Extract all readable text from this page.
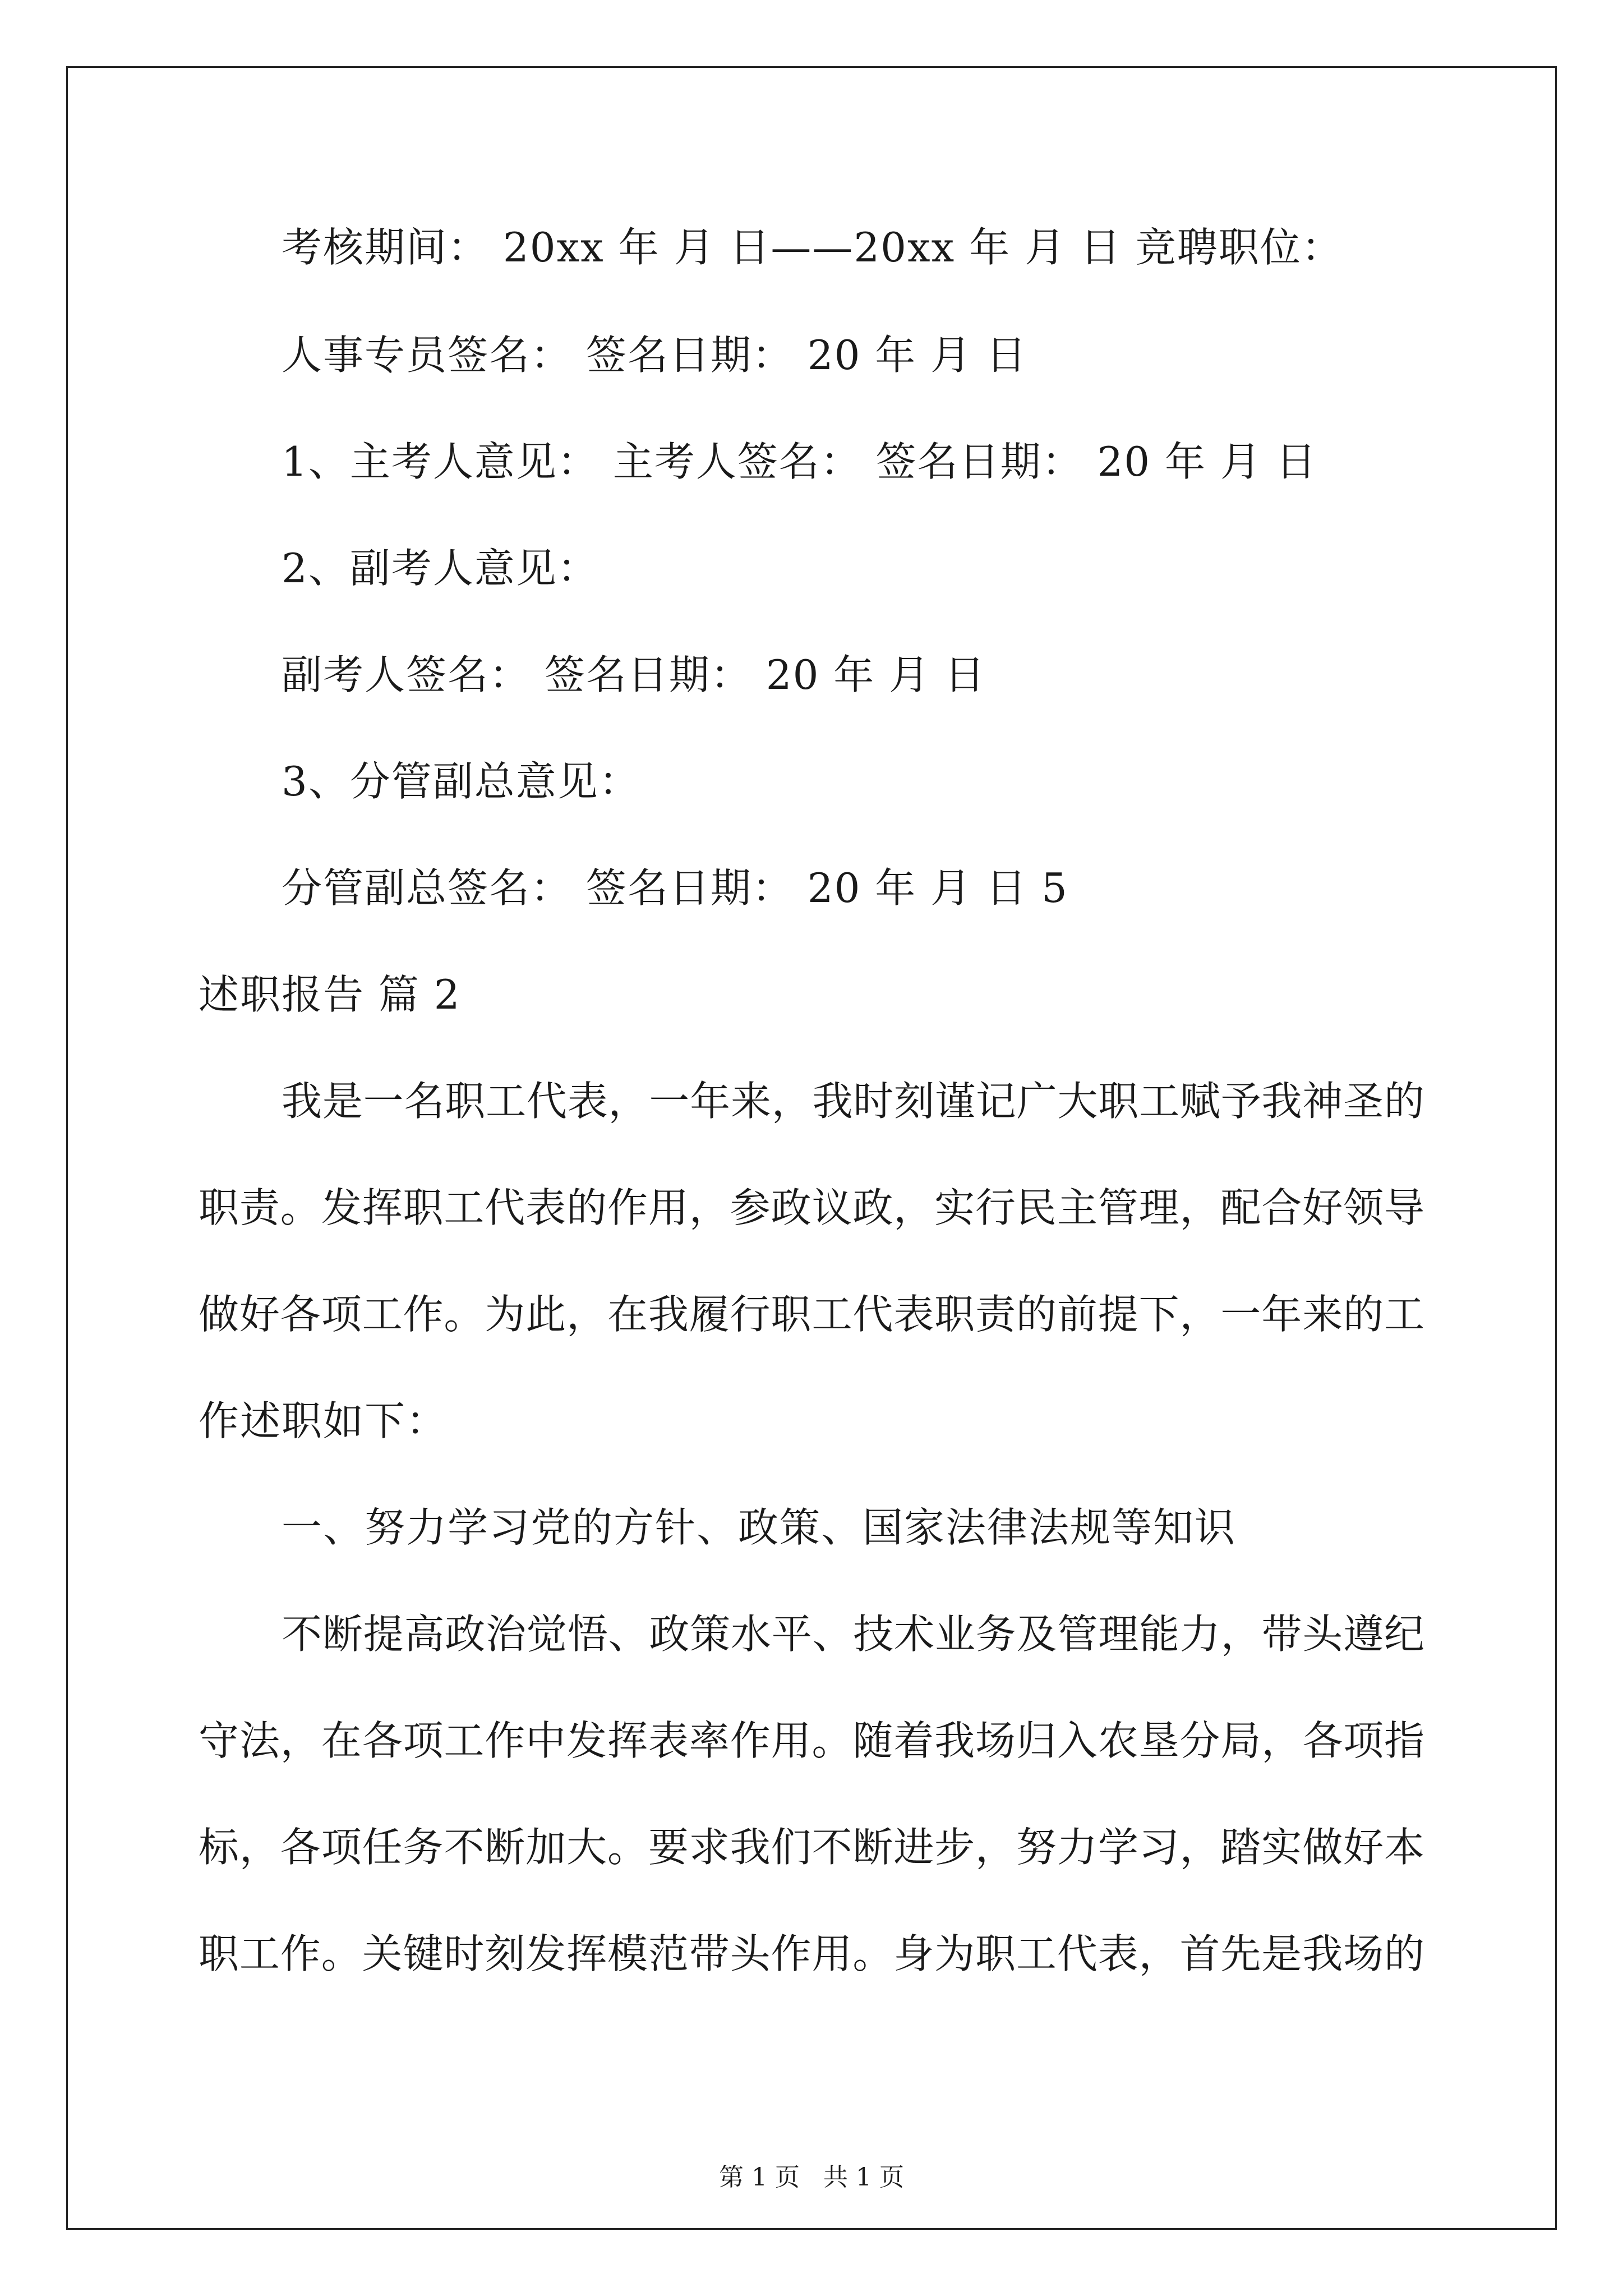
考核期间： 20xx 年 月 日——20xx 年 月 日 竞聘职位：
人事专员签名： 签名日期： 20 年 月 日
1、主考人意见： 主考人签名： 签名日期： 20 年 月 日
2、副考人意见：
副考人签名： 签名日期： 20 年 月 日
3、分管副总意见：
分管副总签名： 签名日期： 20 年 月 日 5
述职报告 篇 2
我是一名职工代表，一年来，我时刻谨记广大职工赋予我神圣的
职责。发挥职工代表的作用，参政议政，实行民主管理，配合好领导
做好各项工作。为此，在我履行职工代表职责的前提下，一年来的工
作述职如下：
一、努力学习党的方针、政策、国家法律法规等知识
不断提高政治觉悟、政策水平、技术业务及管理能力，带头遵纪
守法，在各项工作中发挥表率作用。随着我场归入农垦分局，各项指
标，各项任务不断加大。要求我们不断进步，努力学习，踏实做好本
职工作。关键时刻发挥模范带头作用。身为职工代表，首先是我场的
第 1 页   共 1 页
